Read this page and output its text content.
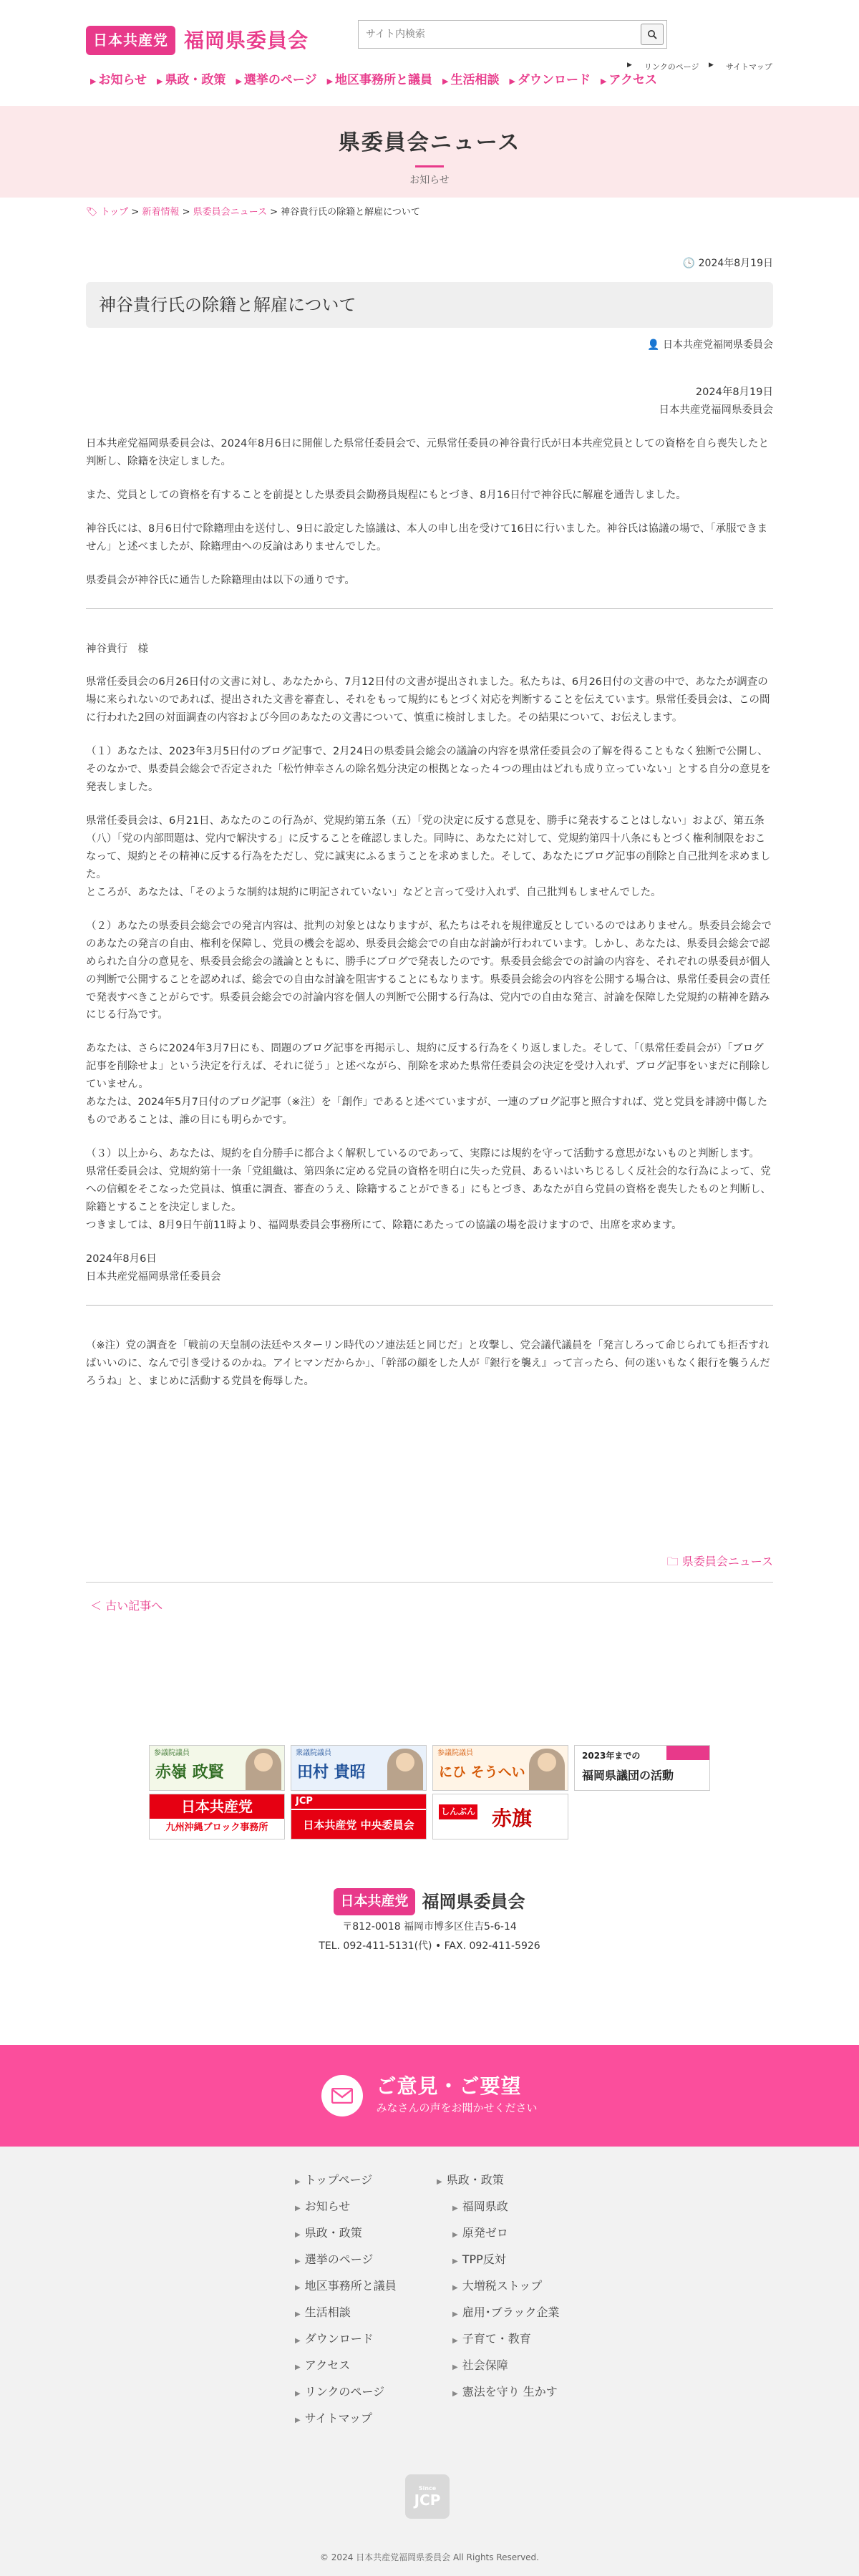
日本共産党 福岡県委員会
サイト内検索
▶ リンクのページ ▶ サイトマップ
▶ お知らせ ▶ 県政・政策 ▶ 選挙のページ ▶ 地区事務所と議員 ▶ 生活相談 ▶ ダウンロード ▶ アクセス
県委員会ニュース
お知らせ
🏷 トップ > 新着情報 > 県委員会ニュース > 神谷貴行氏の除籍と解雇について
🕓 2024年8月19日
神谷貴行氏の除籍と解雇について
👤 日本共産党福岡県委員会

2024年8月19日

日本共産党福岡県委員会

日本共産党福岡県委員会は、2024年8月6日に開催した県常任委員会で、元県常任委員の神谷貴行氏が日本共産党員としての資格を自ら喪失したと判断し、除籍を決定しました。

また、党員としての資格を有することを前提とした県委員会勤務員規程にもとづき、8月16日付で神谷氏に解雇を通告しました。

神谷氏には、8月6日付で除籍理由を送付し、9日に設定した協議は、本人の申し出を受けて16日に行いました。神谷氏は協議の場で、「承服できません」と述べましたが、除籍理由への反論はありませんでした。

県委員会が神谷氏に通告した除籍理由は以下の通りです。

神谷貴行　様

県常任委員会の6月26日付の文書に対し、あなたから、7月12日付の文書が提出されました。私たちは、6月26日付の文書の中で、あなたが調査の場に来られないのであれば、提出された文書を審査し、それをもって規約にもとづく対応を判断することを伝えています。県常任委員会は、この間に行われた2回の対面調査の内容および今回のあなたの文書について、慎重に検討しました。その結果について、お伝えします。

（１）あなたは、2023年3月5日付のブログ記事で、2月24日の県委員会総会の議論の内容を県常任委員会の了解を得ることもなく独断で公開し、そのなかで、県委員会総会で否定された「松竹伸幸さんの除名処分決定の根拠となった４つの理由はどれも成り立っていない」とする自分の意見を発表しました。

県常任委員会は、6月21日、あなたのこの行為が、党規約第五条（五）「党の決定に反する意見を、勝手に発表することはしない」および、第五条（八）「党の内部問題は、党内で解決する」に反することを確認しました。同時に、あなたに対して、党規約第四十八条にもとづく権利制限をおこなって、規約とその精神に反する行為をただし、党に誠実にふるまうことを求めました。そして、あなたにブログ記事の削除と自己批判を求めました。

ところが、あなたは、「そのような制約は規約に明記されていない」などと言って受け入れず、自己批判もしませんでした。

（２）あなたの県委員会総会での発言内容は、批判の対象とはなりますが、私たちはそれを規律違反としているのではありません。県委員会総会でのあなたの発言の自由、権利を保障し、党員の機会を認め、県委員会総会での自由な討論が行われています。しかし、あなたは、県委員会総会で認められた自分の意見を、県委員会総会の議論とともに、勝手にブログで発表したのです。県委員会総会での討論の内容を、それぞれの県委員が個人の判断で公開することを認めれば、総会での自由な討論を阻害することにもなります。県委員会総会の内容を公開する場合は、県常任委員会の責任で発表すべきことがらです。県委員会総会での討論内容を個人の判断で公開する行為は、党内での自由な発言、討論を保障した党規約の精神を踏みにじる行為です。

あなたは、さらに2024年3月7日にも、問題のブログ記事を再掲示し、規約に反する行為をくり返しました。そして、「（県常任委員会が）「ブログ記事を削除せよ」という決定を行えば、それに従う」と述べながら、削除を求めた県常任委員会の決定を受け入れず、ブログ記事をいまだに削除していません。

あなたは、2024年5月7日付のブログ記事（※注）を「創作」であると述べていますが、一連のブログ記事と照合すれば、党と党員を誹謗中傷したものであることは、誰の目にも明らかです。

（３）以上から、あなたは、規約を自分勝手に都合よく解釈しているのであって、実際には規約を守って活動する意思がないものと判断します。

県常任委員会は、党規約第十一条「党組織は、第四条に定める党員の資格を明白に失った党員、あるいはいちじるしく反社会的な行為によって、党への信頼をそこなった党員は、慎重に調査、審査のうえ、除籍することができる」にもとづき、あなたが自ら党員の資格を喪失したものと判断し、除籍とすることを決定しました。

つきましては、8月9日午前11時より、福岡県委員会事務所にて、除籍にあたっての協議の場を設けますので、出席を求めます。

2024年8月6日

日本共産党福岡県常任委員会

（※注）党の調査を「戦前の天皇制の法廷やスターリン時代のソ連法廷と同じだ」と攻撃し、党会議代議員を「発言しろって命じられても拒否すればいいのに、なんで引き受けるのかね。アイヒマンだからか」、「幹部の顔をした人が『銀行を襲え』って言ったら、何の迷いもなく銀行を襲うんだろうね」と、まじめに活動する党員を侮辱した。

🗀 県委員会ニュース
＜ 古い記事へ
参議院議員
赤嶺 政賢
衆議院議員
田村 貴昭
参議院議員
にひ そうへい
2023年までの
福岡県議団の活動
日本共産党
九州沖縄ブロック事務所
JCP
日本共産党 中央委員会
しんぶん 赤旗
日本共産党 福岡県委員会
〒812-0018 福岡市博多区住吉5-6-14
TEL. 092-411-5131(代) • FAX. 092-411-5926
ご意見・ご要望
みなさんの声をお聞かせください
▶ トップページ
▶ お知らせ
▶ 県政・政策
▶ 選挙のページ
▶ 地区事務所と議員
▶ 生活相談
▶ ダウンロード
▶ アクセス
▶ リンクのページ
▶ サイトマップ
▶ 県政・政策
▶ 福岡県政
▶ 原発ゼロ
▶ TPP反対
▶ 大増税ストップ
▶ 雇用･ブラック企業
▶ 子育て・教育
▶ 社会保障
▶ 憲法を守り 生かす
Since
JCP
© 2024 日本共産党福岡県委員会 All Rights Reserved.
